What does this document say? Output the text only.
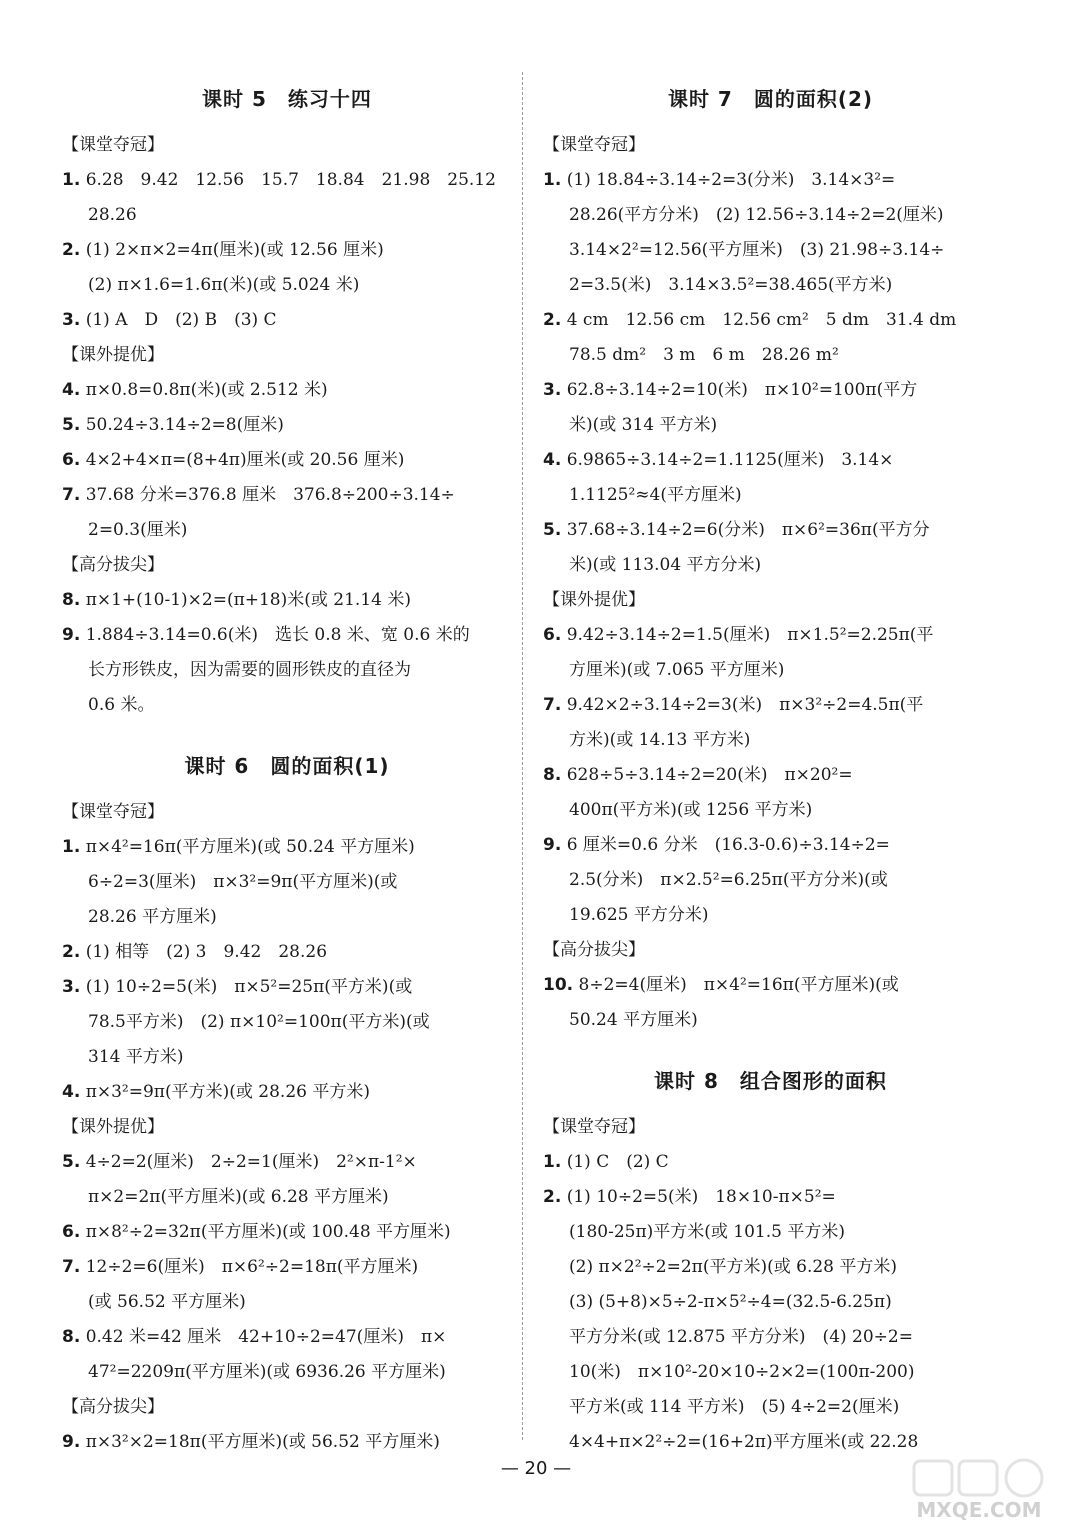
课时 5　练习十四
【课堂夺冠】
1. 6.28　9.42　12.56　15.7　18.84　21.98　25.12
28.26
2. (1) 2×π×2=4π(厘米)(或 12.56 厘米)
(2) π×1.6=1.6π(米)(或 5.024 米)
3. (1) A　D　(2) B　(3) C
【课外提优】
4. π×0.8=0.8π(米)(或 2.512 米)
5. 50.24÷3.14÷2=8(厘米)
6. 4×2+4×π=(8+4π)厘米(或 20.56 厘米)
7. 37.68 分米=376.8 厘米　376.8÷200÷3.14÷
2=0.3(厘米)
【高分拔尖】
8. π×1+(10-1)×2=(π+18)米(或 21.14 米)
9. 1.884÷3.14=0.6(米)　选长 0.8 米、宽 0.6 米的
长方形铁皮，因为需要的圆形铁皮的直径为
0.6 米。
课时 6　圆的面积(1)
【课堂夺冠】
1. π×4²=16π(平方厘米)(或 50.24 平方厘米)
6÷2=3(厘米)　π×3²=9π(平方厘米)(或
28.26 平方厘米)
2. (1) 相等　(2) 3　9.42　28.26
3. (1) 10÷2=5(米)　π×5²=25π(平方米)(或
78.5平方米)　(2) π×10²=100π(平方米)(或
314 平方米)
4. π×3²=9π(平方米)(或 28.26 平方米)
【课外提优】
5. 4÷2=2(厘米)　2÷2=1(厘米)　2²×π-1²×
π×2=2π(平方厘米)(或 6.28 平方厘米)
6. π×8²÷2=32π(平方厘米)(或 100.48 平方厘米)
7. 12÷2=6(厘米)　π×6²÷2=18π(平方厘米)
(或 56.52 平方厘米)
8. 0.42 米=42 厘米　42+10÷2=47(厘米)　π×
47²=2209π(平方厘米)(或 6936.26 平方厘米)
【高分拔尖】
9. π×3²×2=18π(平方厘米)(或 56.52 平方厘米)
课时 7　圆的面积(2)
【课堂夺冠】
1. (1) 18.84÷3.14÷2=3(分米)　3.14×3²=
28.26(平方分米)　(2) 12.56÷3.14÷2=2(厘米)
3.14×2²=12.56(平方厘米)　(3) 21.98÷3.14÷
2=3.5(米)　3.14×3.5²=38.465(平方米)
2. 4 cm　12.56 cm　12.56 cm²　5 dm　31.4 dm
78.5 dm²　3 m　6 m　28.26 m²
3. 62.8÷3.14÷2=10(米)　π×10²=100π(平方
米)(或 314 平方米)
4. 6.9865÷3.14÷2=1.1125(厘米)　3.14×
1.1125²≈4(平方厘米)
5. 37.68÷3.14÷2=6(分米)　π×6²=36π(平方分
米)(或 113.04 平方分米)
【课外提优】
6. 9.42÷3.14÷2=1.5(厘米)　π×1.5²=2.25π(平
方厘米)(或 7.065 平方厘米)
7. 9.42×2÷3.14÷2=3(米)　π×3²÷2=4.5π(平
方米)(或 14.13 平方米)
8. 628÷5÷3.14÷2=20(米)　π×20²=
400π(平方米)(或 1256 平方米)
9. 6 厘米=0.6 分米　(16.3-0.6)÷3.14÷2=
2.5(分米)　π×2.5²=6.25π(平方分米)(或
19.625 平方分米)
【高分拔尖】
10. 8÷2=4(厘米)　π×4²=16π(平方厘米)(或
50.24 平方厘米)
课时 8　组合图形的面积
【课堂夺冠】
1. (1) C　(2) C
2. (1) 10÷2=5(米)　18×10-π×5²=
(180-25π)平方米(或 101.5 平方米)
(2) π×2²÷2=2π(平方米)(或 6.28 平方米)
(3) (5+8)×5÷2-π×5²÷4=(32.5-6.25π)
平方分米(或 12.875 平方分米)　(4) 20÷2=
10(米)　π×10²-20×10÷2×2=(100π-200)
平方米(或 114 平方米)　(5) 4÷2=2(厘米)
4×4+π×2²÷2=(16+2π)平方厘米(或 22.28
— 20 —
MXQE.COM
